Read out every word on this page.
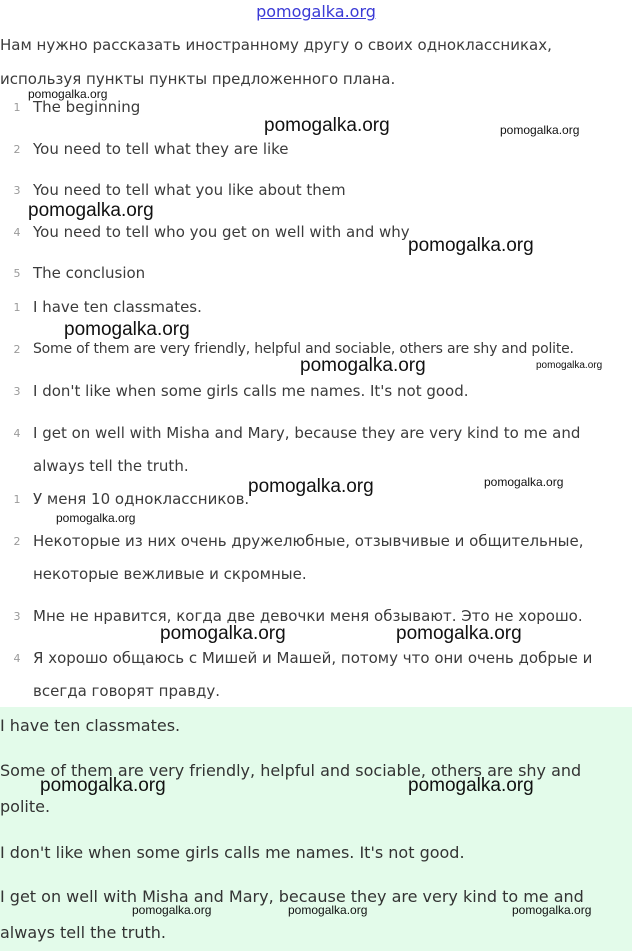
pomogalka.org
Нам нужно рассказать иностранному другу о своих одноклассниках, используя пункты пункты предложенного плана.
1 The beginning
2 You need to tell what they are like
3 You need to tell what you like about them
4 You need to tell who you get on well with and why
5 The conclusion
1 I have ten classmates.
2 Some of them are very friendly, helpful and sociable, others are shy and polite.
3 I don't like when some girls calls me names. It's not good.
4 I get on well with Misha and Mary, because they are very kind to me and always tell the truth.
1 У меня 10 одноклассников.
2 Некоторые из них очень дружелюбные, отзывчивые и общительные, некоторые вежливые и скромные.
3 Мне не нравится, когда две девочки меня обзывают. Это не хорошо.
4 Я хорошо общаюсь с Мишей и Машей, потому что они очень добрые и всегда говорят правду.

I have ten classmates.

Some of them are very friendly, helpful and sociable, others are shy and polite.

I don't like when some girls calls me names. It's not good.

I get on well with Misha and Mary, because they are very kind to me and always tell the truth.

pomogalka.org
pomogalka.org	pomogalka.org
pomogalka.org
pomogalka.org
pomogalka.org
pomogalka.org	pomogalka.org
pomogalka.org	pomogalka.org
pomogalka.org
pomogalka.org	pomogalka.org
pomogalka.org	pomogalka.org
pomogalka.org	pomogalka.org	pomogalka.org
